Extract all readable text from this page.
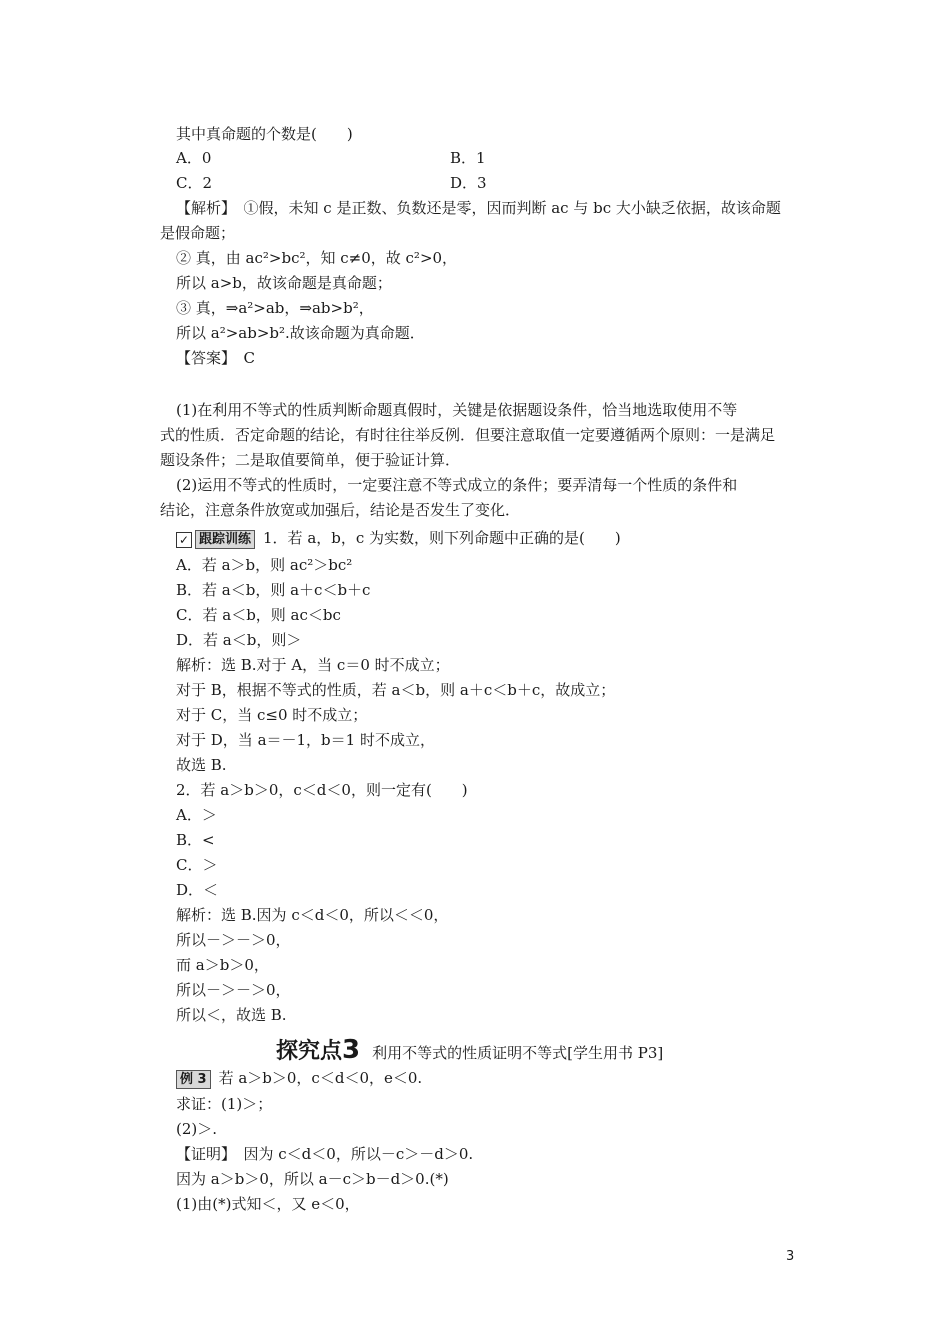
其中真命题的个数是(　　)
A．0	B．1
C．2	D．3
【解析】　①假，未知 c 是正数、负数还是零，因而判断 ac 与 bc 大小缺乏依据，故该命题
是假命题；
② 真，由 ac²>bc²，知 c≠0，故 c²>0，
所以 a>b，故该命题是真命题；
③ 真，⇒a²>ab，⇒ab>b²，
所以 a²>ab>b².故该命题为真命题．
【答案】　C
(1)在利用不等式的性质判断命题真假时，关键是依据题设条件，恰当地选取使用不等
式的性质．否定命题的结论，有时往往举反例．但要注意取值一定要遵循两个原则：一是满足
题设条件；二是取值要简单，便于验证计算．
(2)运用不等式的性质时，一定要注意不等式成立的条件；要弄清每一个性质的条件和
结论，注意条件放宽或加强后，结论是否发生了变化．
✓ 跟踪训练 1．若 a，b，c 为实数，则下列命题中正确的是(　　)
A．若 a＞b，则 ac²＞bc²
B．若 a＜b，则 a＋c＜b＋c
C．若 a＜b，则 ac＜bc
D．若 a＜b，则＞
解析：选 B.对于 A，当 c＝0 时不成立；
对于 B，根据不等式的性质，若 a＜b，则 a＋c＜b＋c，故成立；
对于 C，当 c≤0 时不成立；
对于 D，当 a＝－1，b＝1 时不成立，
故选 B.
2．若 a＞b＞0，c＜d＜0，则一定有(　　)
A．＞
B．<
C．＞
D．＜
解析：选 B.因为 c＜d＜0，所以＜＜0，
所以－＞－＞0，
而 a＞b＞0，
所以－＞－＞0，
所以＜，故选 B.
探究点3 利用不等式的性质证明不等式[学生用书 P3]
例 3 若 a＞b＞0，c＜d＜0，e＜0.
求证：(1)＞；
(2)＞.
【证明】　因为 c＜d＜0，所以－c＞－d＞0.
因为 a＞b＞0，所以 a－c＞b－d＞0.(*)
(1)由(*)式知＜，又 e＜0，
3
